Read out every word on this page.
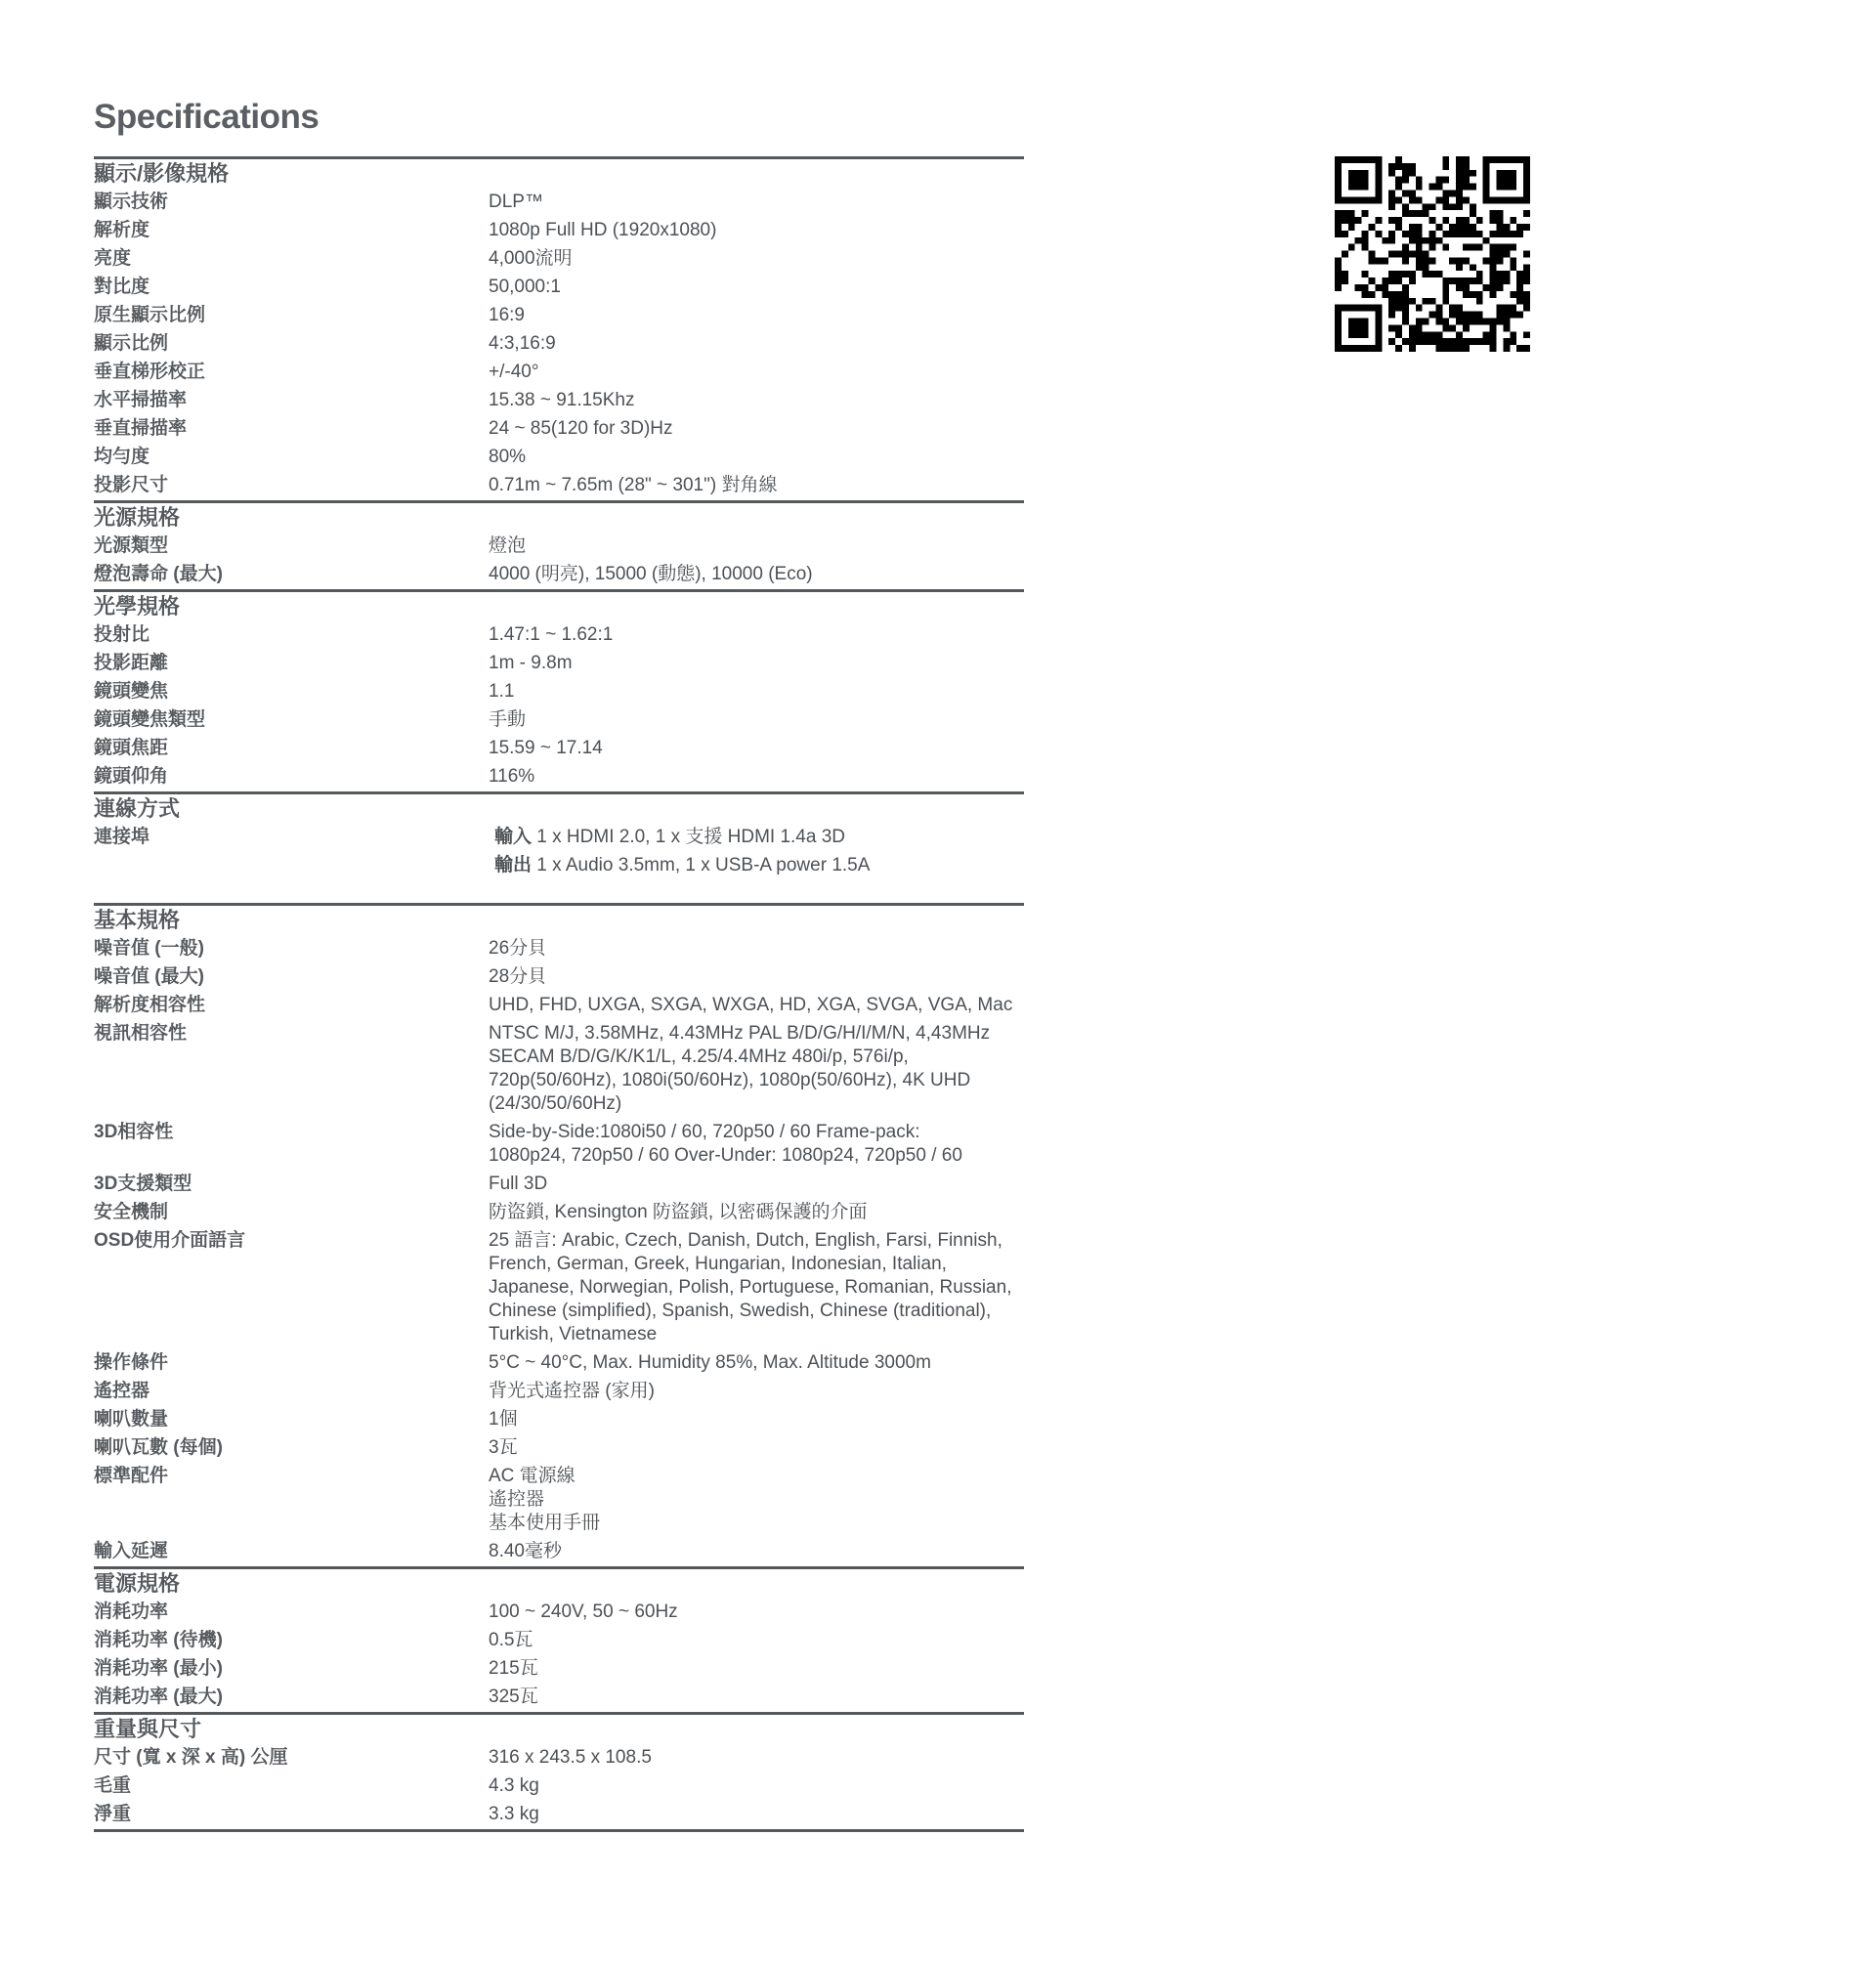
Specifications
顯示/影像規格
顯示技術	DLP™
解析度	1080p Full HD (1920x1080)
亮度	4,000流明
對比度	50,000:1
原生顯示比例	16:9
顯示比例	4:3,16:9
垂直梯形校正	+/-40°
水平掃描率	15.38 ~ 91.15Khz
垂直掃描率	24 ~ 85(120 for 3D)Hz
均勻度	80%
投影尺寸	0.71m ~ 7.65m (28" ~ 301") 對角線
光源規格
光源類型	燈泡
燈泡壽命 (最大)	4000 (明亮), 15000 (動態), 10000 (Eco)
光學規格
投射比	1.47:1 ~ 1.62:1
投影距離	1m - 9.8m
鏡頭變焦	1.1
鏡頭變焦類型	手動
鏡頭焦距	15.59 ~ 17.14
鏡頭仰角	116%
連線方式
連接埠	輸入 1 x HDMI 2.0, 1 x 支援 HDMI 1.4a 3D
輸出 1 x Audio 3.5mm, 1 x USB-A power 1.5A
基本規格
噪音值 (一般)	26分貝
噪音值 (最大)	28分貝
解析度相容性	UHD, FHD, UXGA, SXGA, WXGA, HD, XGA, SVGA, VGA, Mac
視訊相容性	NTSC M/J, 3.58MHz, 4.43MHz PAL B/D/G/H/I/M/N, 4,43MHz
SECAM B/D/G/K/K1/L, 4.25/4.4MHz 480i/p, 576i/p,
720p(50/60Hz), 1080i(50/60Hz), 1080p(50/60Hz), 4K UHD
(24/30/50/60Hz)
3D相容性	Side-by-Side:1080i50 / 60, 720p50 / 60 Frame-pack:
1080p24, 720p50 / 60 Over-Under: 1080p24, 720p50 / 60
3D支援類型	Full 3D
安全機制	防盜鎖, Kensington 防盜鎖, 以密碼保護的介面
OSD使用介面語言	25 語言: Arabic, Czech, Danish, Dutch, English, Farsi, Finnish,
French, German, Greek, Hungarian, Indonesian, Italian,
Japanese, Norwegian, Polish, Portuguese, Romanian, Russian,
Chinese (simplified), Spanish, Swedish, Chinese (traditional),
Turkish, Vietnamese
操作條件	5°C ~ 40°C, Max. Humidity 85%, Max. Altitude 3000m
遙控器	背光式遙控器 (家用)
喇叭數量	1個
喇叭瓦數 (每個)	3瓦
標準配件	AC 電源線
遙控器
基本使用手冊
輸入延遲	8.40毫秒
電源規格
消耗功率	100 ~ 240V, 50 ~ 60Hz
消耗功率 (待機)	0.5瓦
消耗功率 (最小)	215瓦
消耗功率 (最大)	325瓦
重量與尺寸
尺寸 (寬 x 深 x 高) 公厘	316 x 243.5 x 108.5
毛重	4.3 kg
淨重	3.3 kg
